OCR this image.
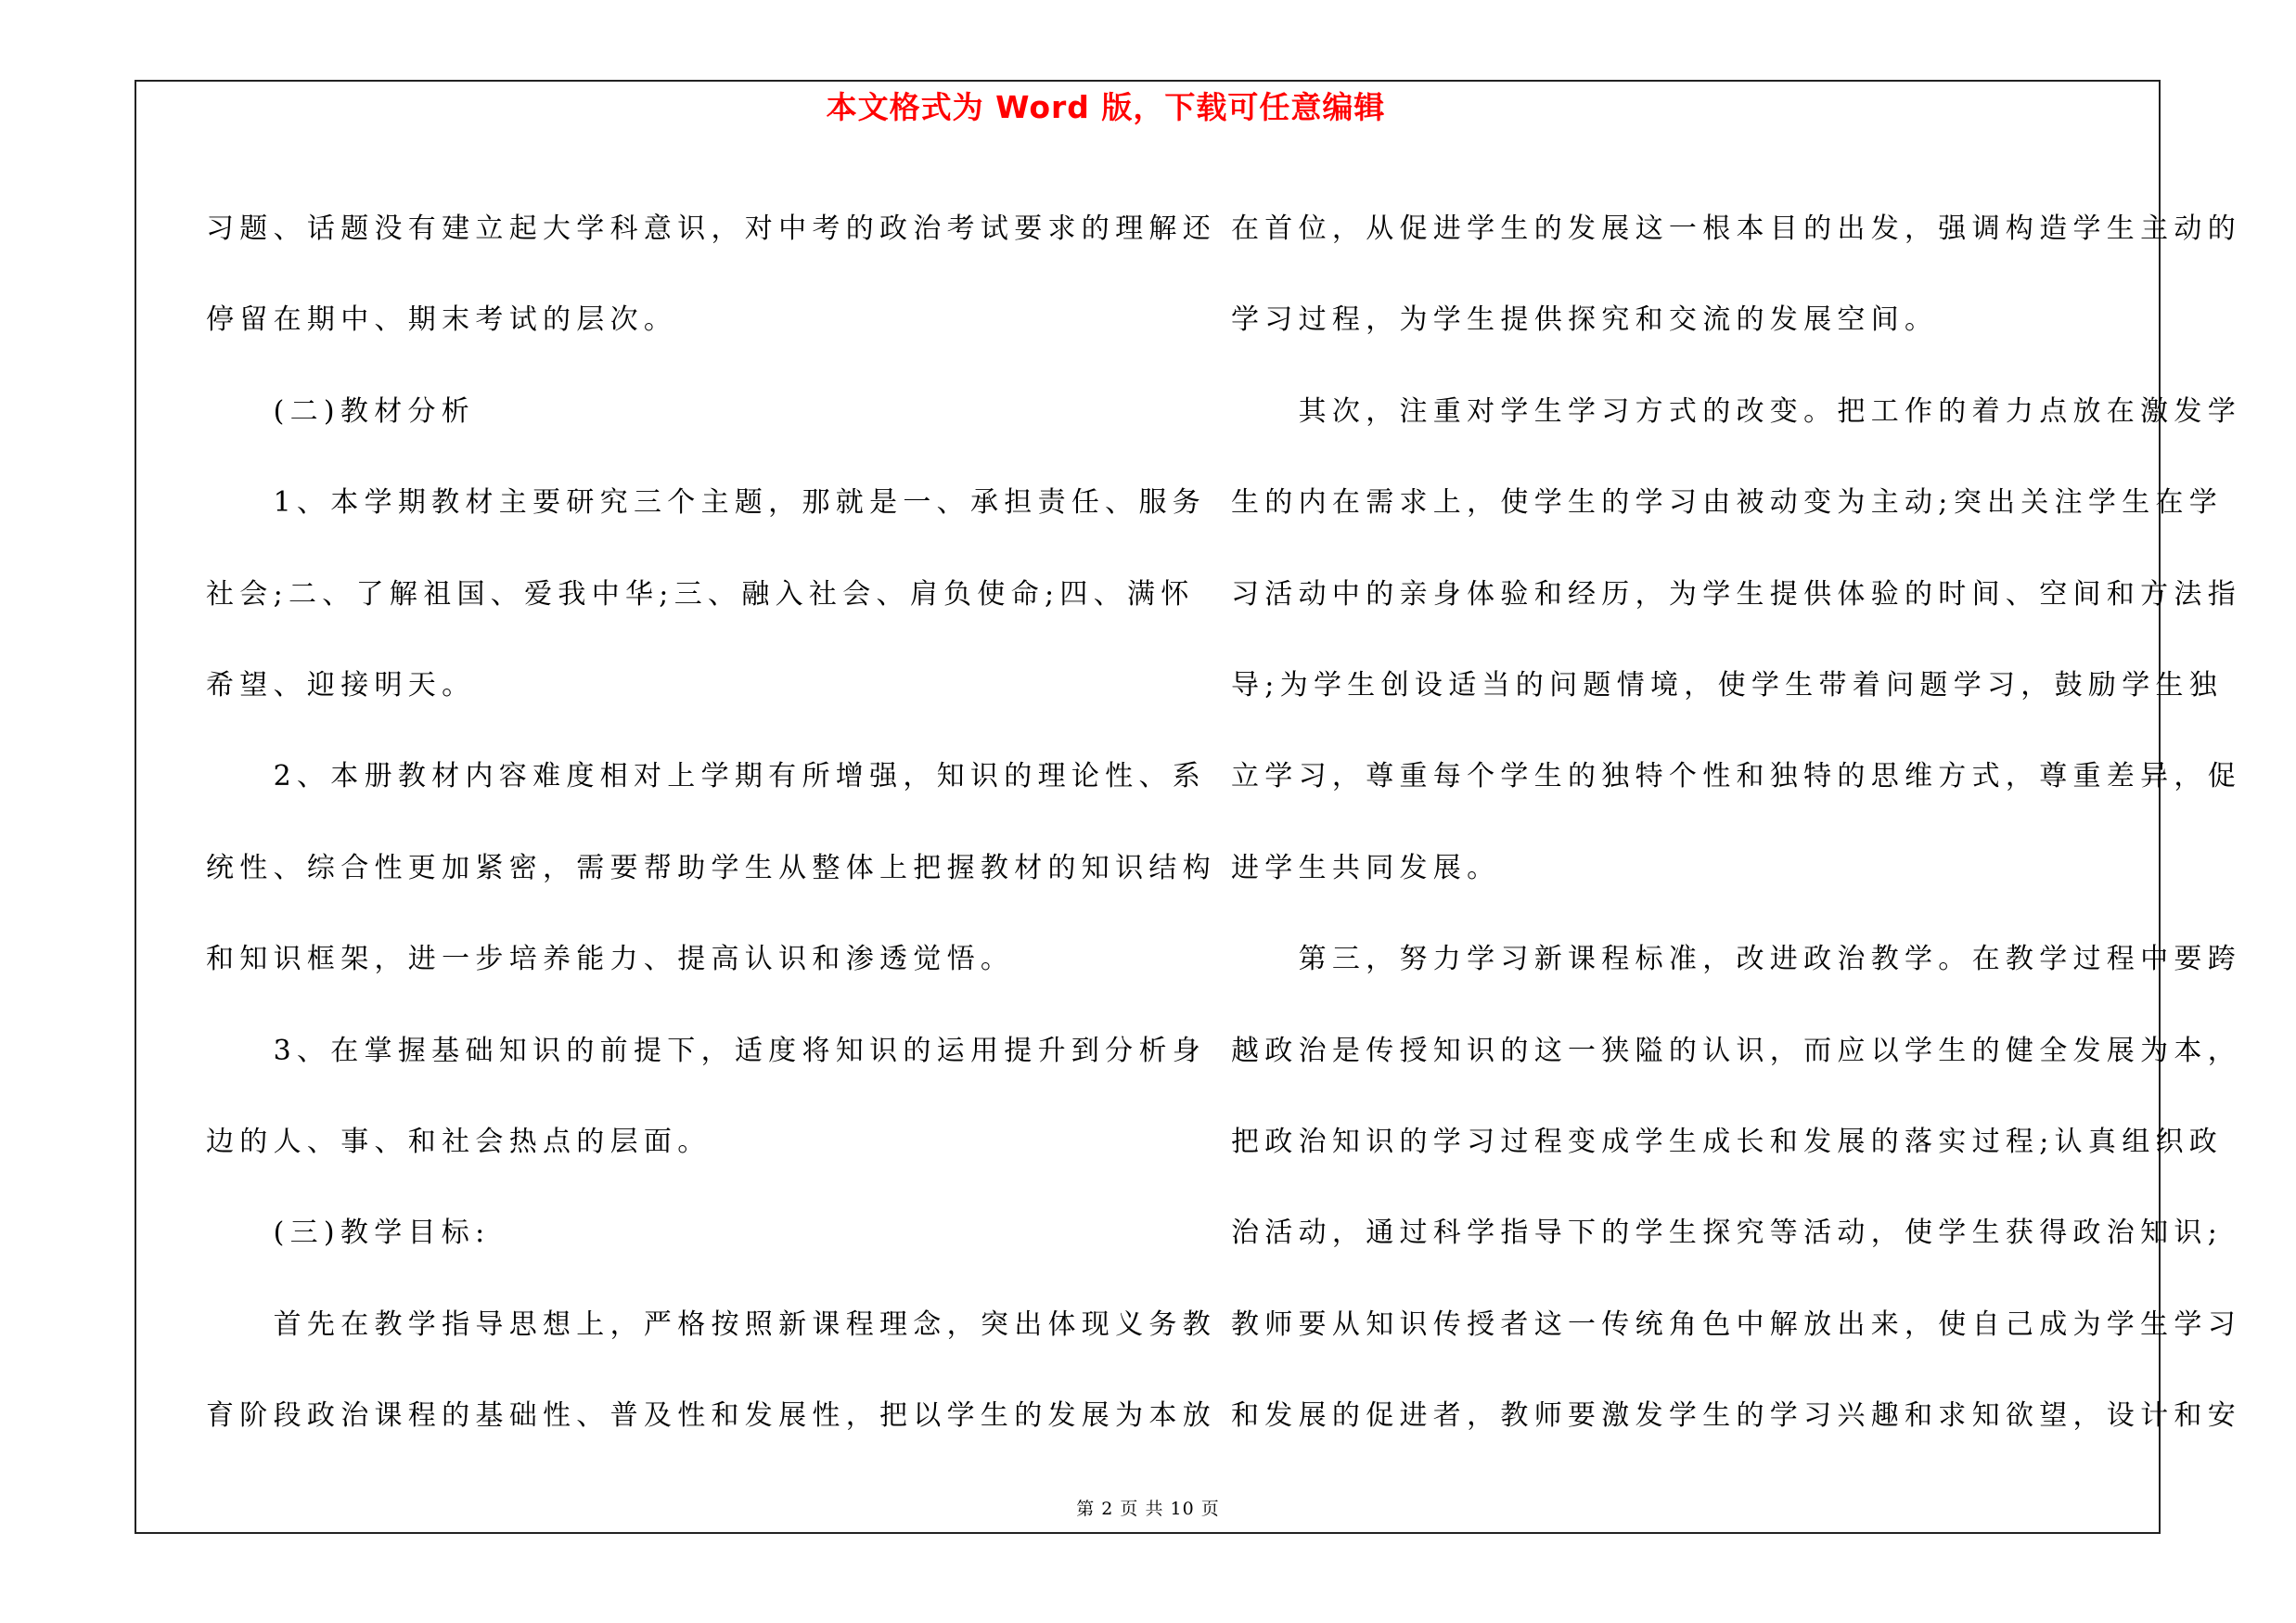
本文格式为 Word 版，下载可任意编辑

习题、话题没有建立起大学科意识，对中考的政治考试要求的理解还

停留在期中、期末考试的层次。

　　(二)教材分析

　　1、本学期教材主要研究三个主题，那就是一、承担责任、服务

社会;二、了解祖国、爱我中华;三、融入社会、肩负使命;四、满怀

希望、迎接明天。

　　2、本册教材内容难度相对上学期有所增强，知识的理论性、系

统性、综合性更加紧密，需要帮助学生从整体上把握教材的知识结构

和知识框架，进一步培养能力、提高认识和渗透觉悟。

　　3、在掌握基础知识的前提下，适度将知识的运用提升到分析身

边的人、事、和社会热点的层面。

　　(三)教学目标:

　　首先在教学指导思想上，严格按照新课程理念，突出体现义务教

育阶段政治课程的基础性、普及性和发展性，把以学生的发展为本放

在首位，从促进学生的发展这一根本目的出发，强调构造学生主动的

学习过程，为学生提供探究和交流的发展空间。

　　其次，注重对学生学习方式的改变。把工作的着力点放在激发学

生的内在需求上，使学生的学习由被动变为主动;突出关注学生在学

习活动中的亲身体验和经历，为学生提供体验的时间、空间和方法指

导;为学生创设适当的问题情境，使学生带着问题学习，鼓励学生独

立学习，尊重每个学生的独特个性和独特的思维方式，尊重差异，促

进学生共同发展。

　　第三，努力学习新课程标准，改进政治教学。在教学过程中要跨

越政治是传授知识的这一狭隘的认识，而应以学生的健全发展为本，

把政治知识的学习过程变成学生成长和发展的落实过程;认真组织政

治活动，通过科学指导下的学生探究等活动，使学生获得政治知识;

教师要从知识传授者这一传统角色中解放出来，使自己成为学生学习

和发展的促进者，教师要激发学生的学习兴趣和求知欲望，设计和安

第 2 页 共 10 页
